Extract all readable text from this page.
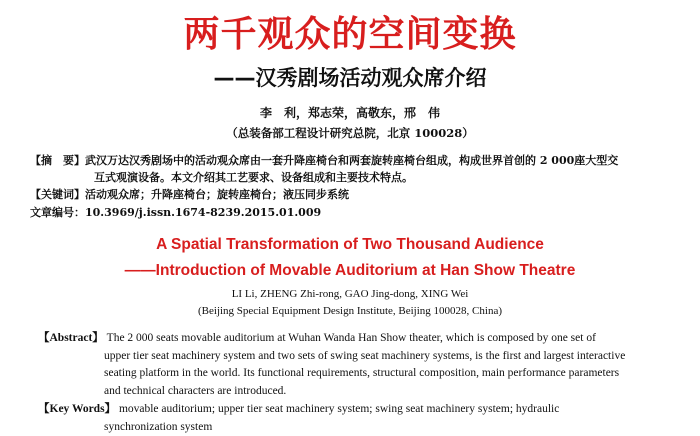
两千观众的空间变换
——汉秀剧场活动观众席介绍
李　利，郑志荣，高敬东，邢　伟
（总装备部工程设计研究总院，北京 100028）
【摘　要】武汉万达汉秀剧场中的活动观众席由一套升降座椅台和两套旋转座椅台组成，构成世界首创的 2 000座大型交
互式观演设备。本文介绍其工艺要求、设备组成和主要技术特点。
【关键词】活动观众席；升降座椅台；旋转座椅台；液压同步系统
文章编号：10.3969/j.issn.1674-8239.2015.01.009
A Spatial Transformation of Two Thousand Audience
——Introduction of Movable Auditorium at Han Show Theatre
LI Li, ZHENG Zhi-rong, GAO Jing-dong, XING Wei
(Beijing Special Equipment Design Institute, Beijing 100028, China)
【Abstract】 The 2 000 seats movable auditorium at Wuhan Wanda Han Show theater, which is composed by one set of
upper tier seat machinery system and two sets of swing seat machinery systems, is the first and largest interactive
seating platform in the world. Its functional requirements, structural composition, main performance parameters
and technical characters are introduced.
【Key Words】 movable auditorium; upper tier seat machinery system; swing seat machinery system; hydraulic
synchronization system
